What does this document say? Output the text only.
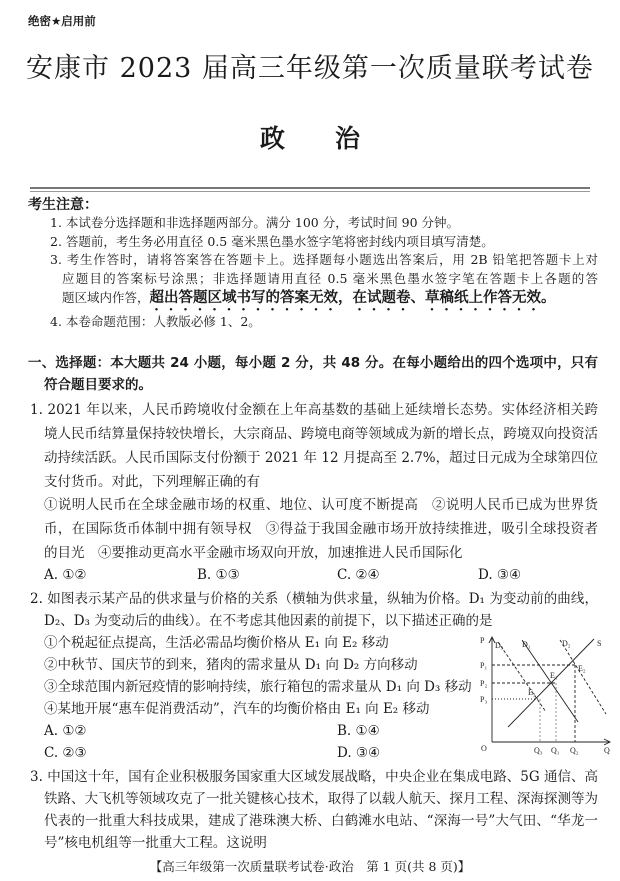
绝密★启用前
安康市 2023 届高三年级第一次质量联考试卷
政　　治
考生注意：
1. 本试卷分选择题和非选择题两部分。满分 100 分，考试时间 90 分钟。
2. 答题前，考生务必用直径 0.5 毫米黑色墨水签字笔将密封线内项目填写清楚。
3. 考生作答时，请将答案答在答题卡上。选择题每小题选出答案后，用 2B 铅笔把答题卡上对
应题目的答案标号涂黑；非选择题请用直径 0.5 毫米黑色墨水签字笔在答题卡上各题的答
题区域内作答，超出答题区域书写的答案无效，在试题卷、草稿纸上作答无效。
4. 本卷命题范围：人教版必修 1、2。
一、选择题：本大题共 24 小题，每小题 2 分，共 48 分。在每小题给出的四个选项中，只有
符合题目要求的。
1. 2021 年以来，人民币跨境收付金额在上年高基数的基础上延续增长态势。实体经济相关跨
境人民币结算量保持较快增长，大宗商品、跨境电商等领域成为新的增长点，跨境双向投资活
动持续活跃。人民币国际支付份额于 2021 年 12 月提高至 2.7%，超过日元成为全球第四位
支付货币。对此，下列理解正确的有
①说明人民币在全球金融市场的权重、地位、认可度不断提高　②说明人民币已成为世界货
币，在国际货币体制中拥有领导权　③得益于我国金融市场开放持续推进，吸引全球投资者
的目光　④要推动更高水平金融市场双向开放，加速推进人民币国际化
A. ①②	B. ①③	C. ②④	D. ③④
2. 如图表示某产品的供求量与价格的关系（横轴为供求量，纵轴为价格。D₁ 为变动前的曲线，
D₂、D₃ 为变动后的曲线）。在不考虑其他因素的前提下，以下描述正确的是
①个税起征点提高，生活必需品均衡价格从 E₁ 向 E₂ 移动
②中秋节、国庆节的到来，猪肉的需求量从 D₁ 向 D₂ 方向移动
③全球范围内新冠疫情的影响持续，旅行箱包的需求量从 D₁ 向 D₃ 移动
④某地开展“惠车促消费活动”，汽车的均衡价格由 E₁ 向 E₂ 移动
A. ①②	B. ①④
C. ②③	D. ③④
P
Q
O
D₃ D₁	D₂	S
P₁
P₂
P₃
Q₃ Q₁ Q₂
E₁
E₂
E₃
3. 中国这十年，国有企业积极服务国家重大区域发展战略，中央企业在集成电路、5G 通信、高
铁路、大飞机等领域攻克了一批关键核心技术，取得了以载人航天、探月工程、深海探测等为
代表的一批重大科技成果，建成了港珠澳大桥、白鹤滩水电站、“深海一号”大气田、“华龙一
号”核电机组等一批重大工程。这说明
【高三年级第一次质量联考试卷·政治　第 1 页(共 8 页)】
